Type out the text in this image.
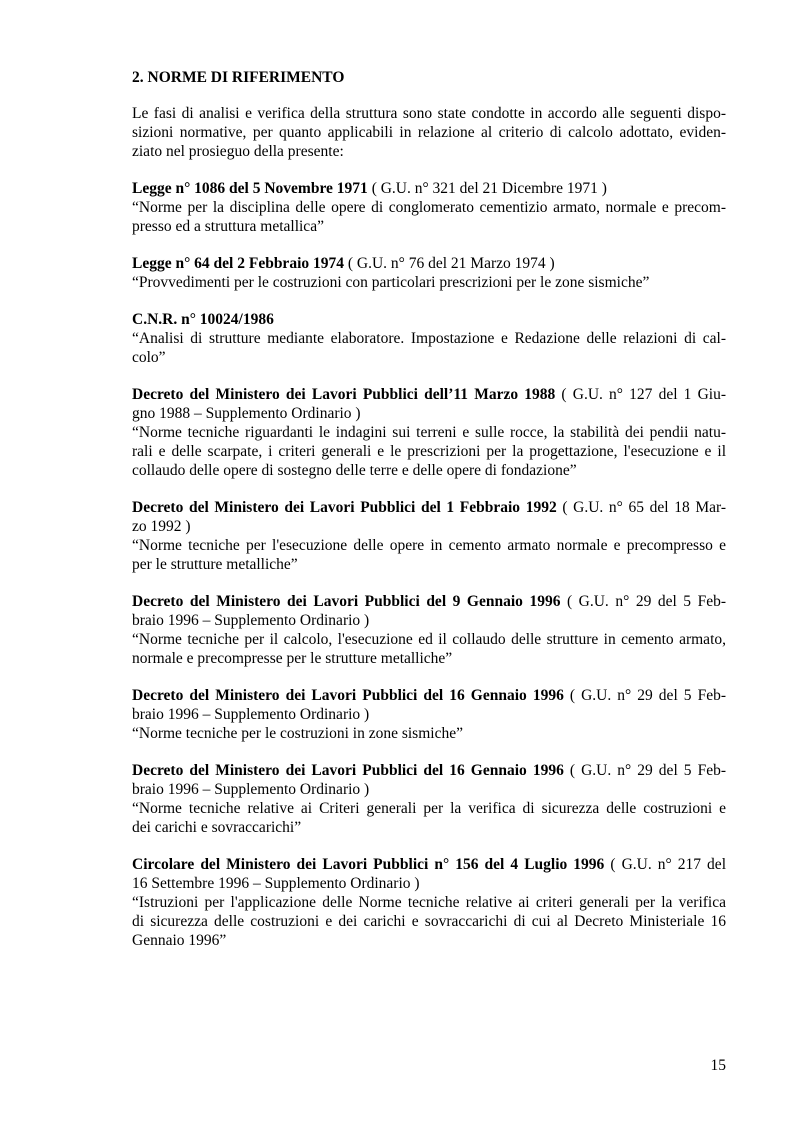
2. NORME DI RIFERIMENTO
Le fasi di analisi e verifica della struttura sono state condotte in accordo alle seguenti dispo-
sizioni normative, per quanto applicabili in relazione al criterio di calcolo adottato, eviden-
ziato nel prosieguo della presente:
Legge n° 1086 del 5 Novembre 1971 ( G.U. n° 321 del 21 Dicembre 1971 )
“Norme per la disciplina delle opere di conglomerato cementizio armato, normale e precom-
presso ed a struttura metallica”
Legge n° 64 del 2 Febbraio 1974 ( G.U. n° 76 del 21 Marzo 1974 )
“Provvedimenti per le costruzioni con particolari prescrizioni per le zone sismiche”
C.N.R. n° 10024/1986
“Analisi di strutture mediante elaboratore. Impostazione e Redazione delle relazioni di cal-
colo”
Decreto del Ministero dei Lavori Pubblici dell’11 Marzo 1988 ( G.U. n° 127 del 1 Giu-
gno 1988 – Supplemento Ordinario )
“Norme tecniche riguardanti le indagini sui terreni e sulle rocce, la stabilità dei pendii natu-
rali e delle scarpate, i criteri generali e le prescrizioni per la progettazione, l'esecuzione e il
collaudo delle opere di sostegno delle terre e delle opere di fondazione”
Decreto del Ministero dei Lavori Pubblici del 1 Febbraio 1992 ( G.U. n° 65 del 18 Mar-
zo 1992 )
“Norme tecniche per l'esecuzione delle opere in cemento armato normale e precompresso e
per le strutture metalliche”
Decreto del Ministero dei Lavori Pubblici del 9 Gennaio 1996 ( G.U. n° 29 del 5 Feb-
braio 1996 – Supplemento Ordinario )
“Norme tecniche per il calcolo, l'esecuzione ed il collaudo delle strutture in cemento armato,
normale e precompresse per le strutture metalliche”
Decreto del Ministero dei Lavori Pubblici del 16 Gennaio 1996 ( G.U. n° 29 del 5 Feb-
braio 1996 – Supplemento Ordinario )
“Norme tecniche per le costruzioni in zone sismiche”
Decreto del Ministero dei Lavori Pubblici del 16 Gennaio 1996 ( G.U. n° 29 del 5 Feb-
braio 1996 – Supplemento Ordinario )
“Norme tecniche relative ai Criteri generali per la verifica di sicurezza delle costruzioni e
dei carichi e sovraccarichi”
Circolare del Ministero dei Lavori Pubblici n° 156 del 4 Luglio 1996 ( G.U. n° 217 del
16 Settembre 1996 – Supplemento Ordinario )
“Istruzioni per l'applicazione delle Norme tecniche relative ai criteri generali per la verifica
di sicurezza delle costruzioni e dei carichi e sovraccarichi di cui al Decreto Ministeriale 16
Gennaio 1996”
15
